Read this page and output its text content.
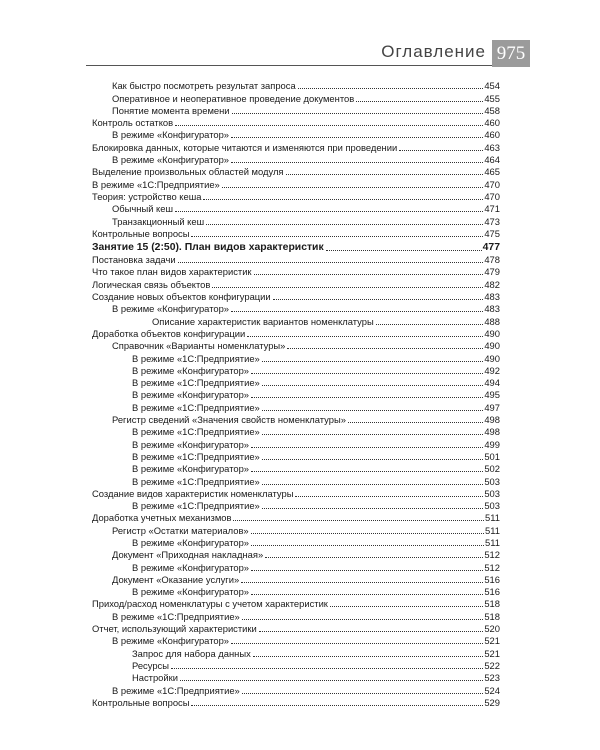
Оглавление 975
Как быстро посмотреть результат запроса	454
Оперативное и неоперативное проведение документов	455
Понятие момента времени	458
Контроль остатков	460
В режиме «Конфигуратор»	460
Блокировка данных, которые читаются и изменяются при проведении	463
В режиме «Конфигуратор»	464
Выделение произвольных областей модуля	465
В режиме «1С:Предприятие»	470
Теория: устройство кеша	470
Обычный кеш	471
Транзакционный кеш	473
Контрольные вопросы	475
Занятие 15 (2:50). План видов характеристик	477
Постановка задачи	478
Что такое план видов характеристик	479
Логическая связь объектов	482
Создание новых объектов конфигурации	483
В режиме «Конфигуратор»	483
Описание характеристик вариантов номенклатуры	488
Доработка объектов конфигурации	490
Справочник «Варианты номенклатуры»	490
В режиме «1С:Предприятие»	490
В режиме «Конфигуратор»	492
В режиме «1С:Предприятие»	494
В режиме «Конфигуратор»	495
В режиме «1С:Предприятие»	497
Регистр сведений «Значения свойств номенклатуры»	498
В режиме «1С:Предприятие»	498
В режиме «Конфигуратор»	499
В режиме «1С:Предприятие»	501
В режиме «Конфигуратор»	502
В режиме «1С:Предприятие»	503
Создание видов характеристик номенклатуры	503
В режиме «1С:Предприятие»	503
Доработка учетных механизмов	511
Регистр «Остатки материалов»	511
В режиме «Конфигуратор»	511
Документ «Приходная накладная»	512
В режиме «Конфигуратор»	512
Документ «Оказание услуги»	516
В режиме «Конфигуратор»	516
Приход/расход номенклатуры с учетом характеристик	518
В режиме «1С:Предприятие»	518
Отчет, использующий характеристики	520
В режиме «Конфигуратор»	521
Запрос для набора данных	521
Ресурсы	522
Настройки	523
В режиме «1С:Предприятие»	524
Контрольные вопросы	529
